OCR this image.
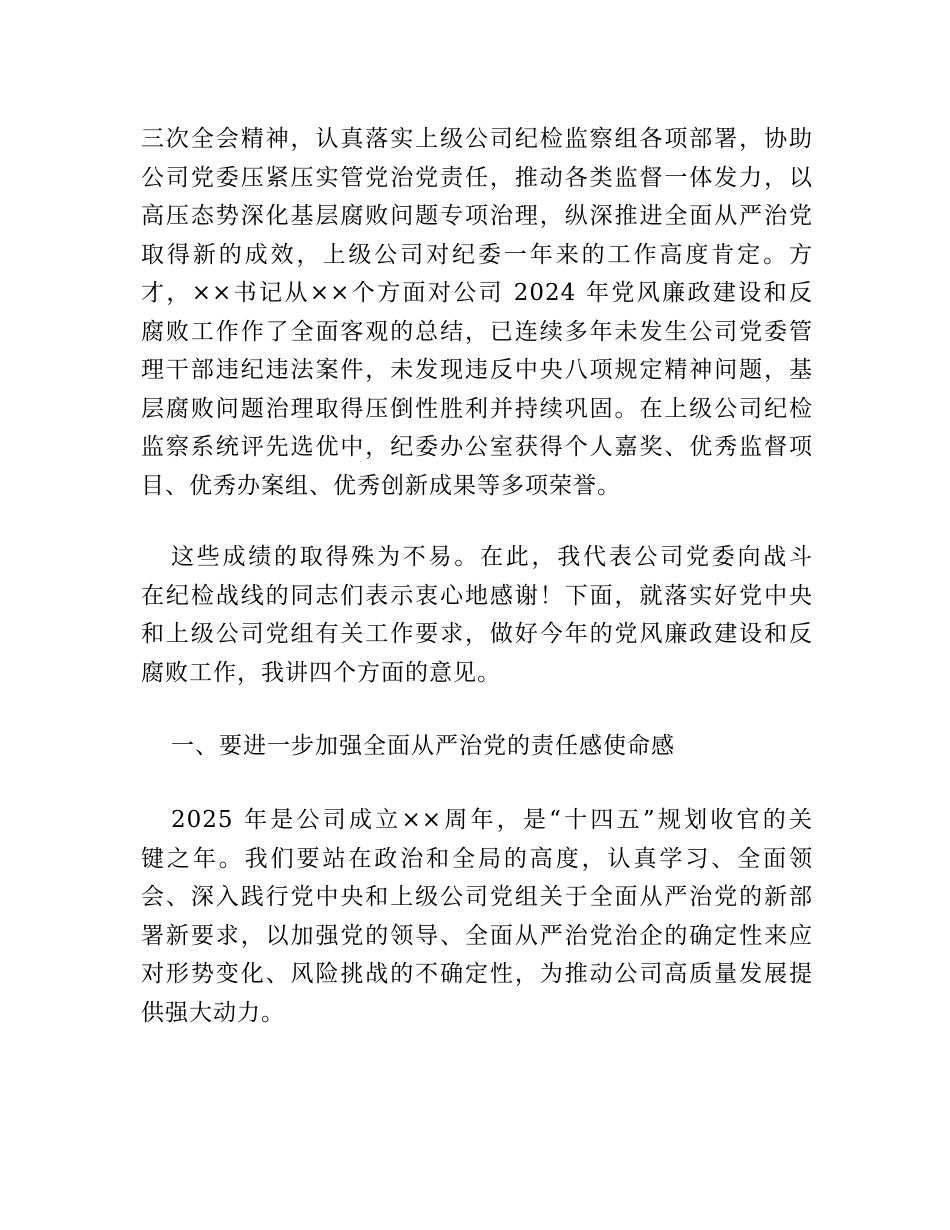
三次全会精神，认真落实上级公司纪检监察组各项部署，协助
公司党委压紧压实管党治党责任，推动各类监督一体发力，以
高压态势深化基层腐败问题专项治理，纵深推进全面从严治党
取得新的成效，上级公司对纪委一年来的工作高度肯定。方
才，××书记从××个方面对公司 2024 年党风廉政建设和反
腐败工作作了全面客观的总结，已连续多年未发生公司党委管
理干部违纪违法案件，未发现违反中央八项规定精神问题，基
层腐败问题治理取得压倒性胜利并持续巩固。在上级公司纪检
监察系统评先选优中，纪委办公室获得个人嘉奖、优秀监督项
目、优秀办案组、优秀创新成果等多项荣誉。
这些成绩的取得殊为不易。在此，我代表公司党委向战斗
在纪检战线的同志们表示衷心地感谢！下面，就落实好党中央
和上级公司党组有关工作要求，做好今年的党风廉政建设和反
腐败工作，我讲四个方面的意见。
一、要进一步加强全面从严治党的责任感使命感
2025 年是公司成立××周年，是“十四五”规划收官的关
键之年。我们要站在政治和全局的高度，认真学习、全面领
会、深入践行党中央和上级公司党组关于全面从严治党的新部
署新要求，以加强党的领导、全面从严治党治企的确定性来应
对形势变化、风险挑战的不确定性，为推动公司高质量发展提
供强大动力。
